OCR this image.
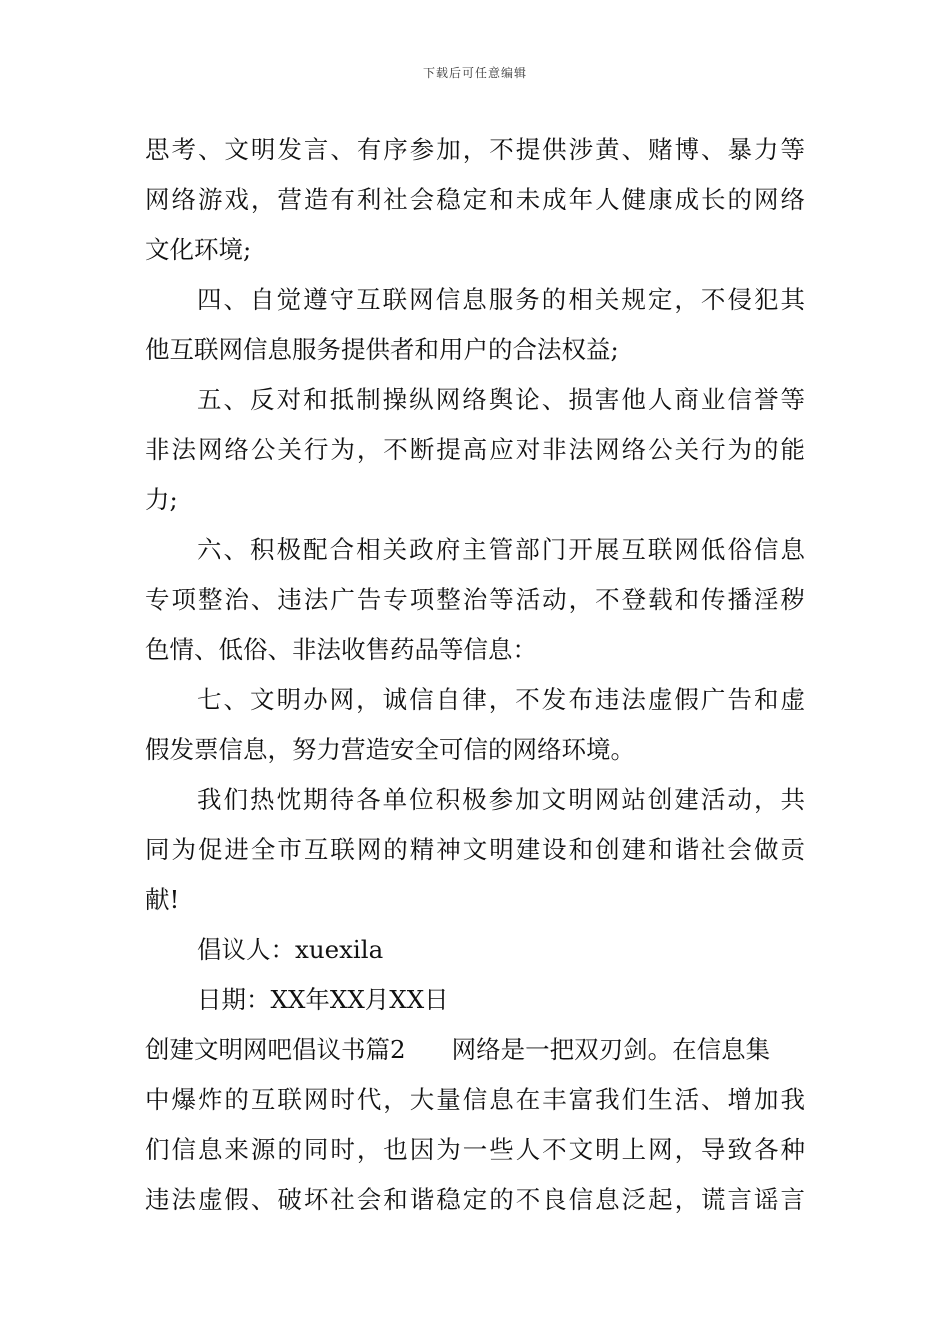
下载后可任意编辑
思考、文明发言、有序参加，不提供涉黄、赌博、暴力等
网络游戏，营造有利社会稳定和未成年人健康成长的网络
文化环境;
四、自觉遵守互联网信息服务的相关规定，不侵犯其
他互联网信息服务提供者和用户的合法权益;
五、反对和抵制操纵网络舆论、损害他人商业信誉等
非法网络公关行为，不断提高应对非法网络公关行为的能
力;
六、积极配合相关政府主管部门开展互联网低俗信息
专项整治、违法广告专项整治等活动，不登载和传播淫秽
色情、低俗、非法收售药品等信息：
七、文明办网，诚信自律，不发布违法虚假广告和虚
假发票信息，努力营造安全可信的网络环境。
我们热忱期待各单位积极参加文明网站创建活动，共
同为促进全市互联网的精神文明建设和创建和谐社会做贡
献!
倡议人：xuexila
日期：XX年XX月XX日
创建文明网吧倡议书篇2 网络是一把双刃剑。在信息集
中爆炸的互联网时代，大量信息在丰富我们生活、增加我
们信息来源的同时，也因为一些人不文明上网，导致各种
违法虚假、破坏社会和谐稳定的不良信息泛起，谎言谣言
